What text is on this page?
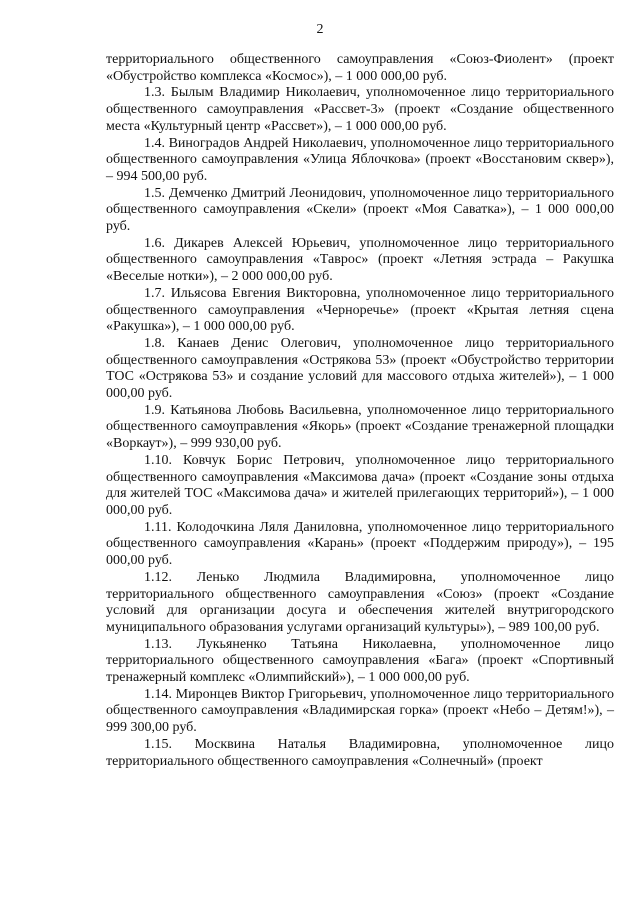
2

территориального общественного самоуправления «Союз-Фиолент» (проект «Обустройство комплекса «Космос»), – 1 000 000,00 руб.

1.3. Былым Владимир Николаевич, уполномоченное лицо территориального общественного самоуправления «Рассвет-3» (проект «Создание общественного места «Культурный центр «Рассвет»), – 1 000 000,00 руб.

1.4. Виноградов Андрей Николаевич, уполномоченное лицо территориального общественного самоуправления «Улица Яблочкова» (проект «Восстановим сквер»), – 994 500,00 руб.

1.5. Демченко Дмитрий Леонидович, уполномоченное лицо территориального общественного самоуправления «Скели» (проект «Моя Саватка»), – 1 000 000,00 руб.

1.6. Дикарев Алексей Юрьевич, уполномоченное лицо территориального общественного самоуправления «Таврос» (проект «Летняя эстрада – Ракушка «Веселые нотки»), – 2 000 000,00 руб.

1.7. Ильясова Евгения Викторовна, уполномоченное лицо территориального общественного самоуправления «Черноречье» (проект «Крытая летняя сцена «Ракушка»), – 1 000 000,00 руб.

1.8. Канаев Денис Олегович, уполномоченное лицо территориального общественного самоуправления «Острякова 53» (проект «Обустройство территории ТОС «Острякова 53» и создание условий для массового отдыха жителей»), – 1 000 000,00 руб.

1.9. Катьянова Любовь Васильевна, уполномоченное лицо территориального общественного самоуправления «Якорь» (проект «Создание тренажерной площадки «Воркаут»), – 999 930,00 руб.

1.10. Ковчук Борис Петрович, уполномоченное лицо территориального общественного самоуправления «Максимова дача» (проект «Создание зоны отдыха для жителей ТОС «Максимова дача» и жителей прилегающих территорий»), – 1 000 000,00 руб.

1.11. Колодочкина Ляля Даниловна, уполномоченное лицо территориального общественного самоуправления «Карань» (проект «Поддержим природу»), – 195 000,00 руб.

1.12. Ленько Людмила Владимировна, уполномоченное лицо территориального общественного самоуправления «Союз» (проект «Создание условий для организации досуга и обеспечения жителей внутригородского муниципального образования услугами организаций культуры»), – 989 100,00 руб.

1.13. Лукьяненко Татьяна Николаевна, уполномоченное лицо территориального общественного самоуправления «Бага» (проект «Спортивный тренажерный комплекс «Олимпийский»), – 1 000 000,00 руб.

1.14. Миронцев Виктор Григорьевич, уполномоченное лицо территориального общественного самоуправления «Владимирская горка» (проект «Небо – Детям!»), – 999 300,00 руб.

1.15. Москвина Наталья Владимировна, уполномоченное лицо территориального общественного самоуправления «Солнечный» (проект
